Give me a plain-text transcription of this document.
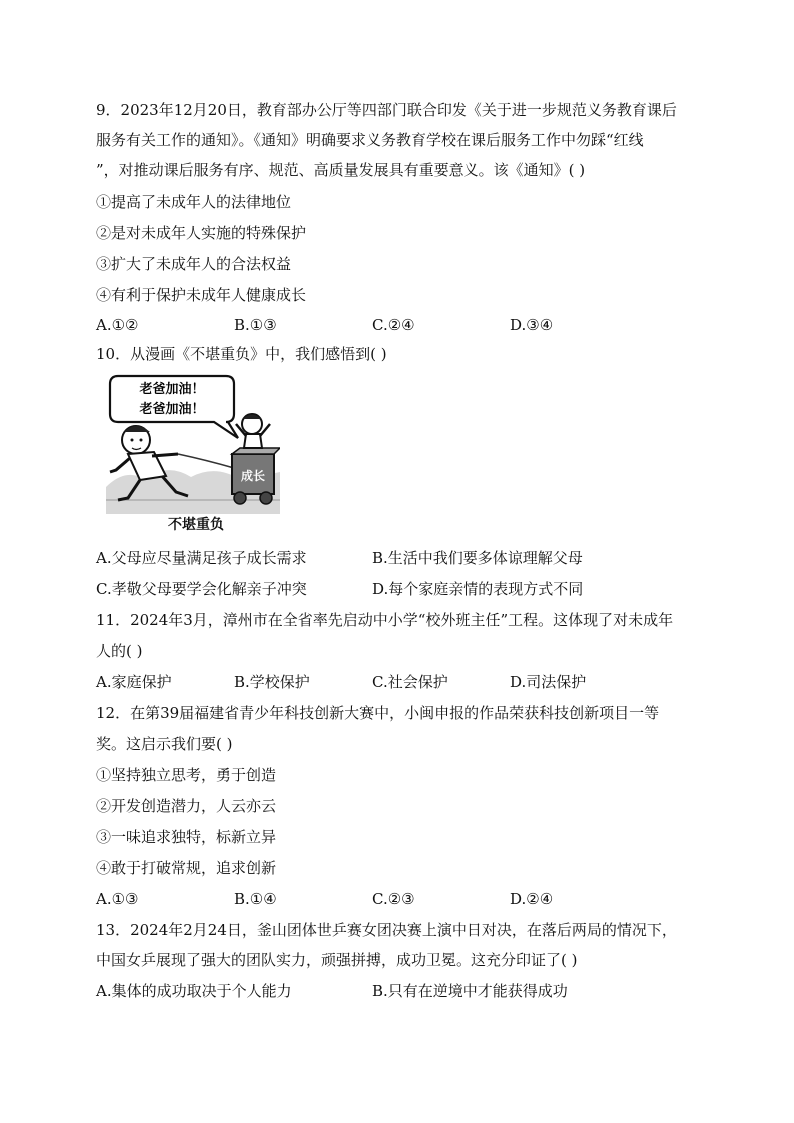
9．2023年12月20日，教育部办公厅等四部门联合印发《关于进一步规范义务教育课后
服务有关工作的通知》。《通知》明确要求义务教育学校在课后服务工作中勿踩“红线
”，对推动课后服务有序、规范、高质量发展具有重要意义。该《通知》( )
①提高了未成年人的法律地位
②是对未成年人实施的特殊保护
③扩大了未成年人的合法权益
④有利于保护未成年人健康成长
A.①②	B.①③	C.②④	D.③④
10．从漫画《不堪重负》中，我们感悟到( )
老爸加油！
老爸加油！
成长
不堪重负
A.父母应尽量满足孩子成长需求	B.生活中我们要多体谅理解父母
C.孝敬父母要学会化解亲子冲突	D.每个家庭亲情的表现方式不同
11．2024年3月，漳州市在全省率先启动中小学“校外班主任”工程。这体现了对未成年
人的( )
A.家庭保护	B.学校保护	C.社会保护	D.司法保护
12．在第39届福建省青少年科技创新大赛中，小闽申报的作品荣获科技创新项目一等
奖。这启示我们要( )
①坚持独立思考，勇于创造
②开发创造潜力，人云亦云
③一味追求独特，标新立异
④敢于打破常规，追求创新
A.①③	B.①④	C.②③	D.②④
13．2024年2月24日，釜山团体世乒赛女团决赛上演中日对决，在落后两局的情况下，
中国女乒展现了强大的团队实力，顽强拼搏，成功卫冕。这充分印证了( )
A.集体的成功取决于个人能力	B.只有在逆境中才能获得成功
